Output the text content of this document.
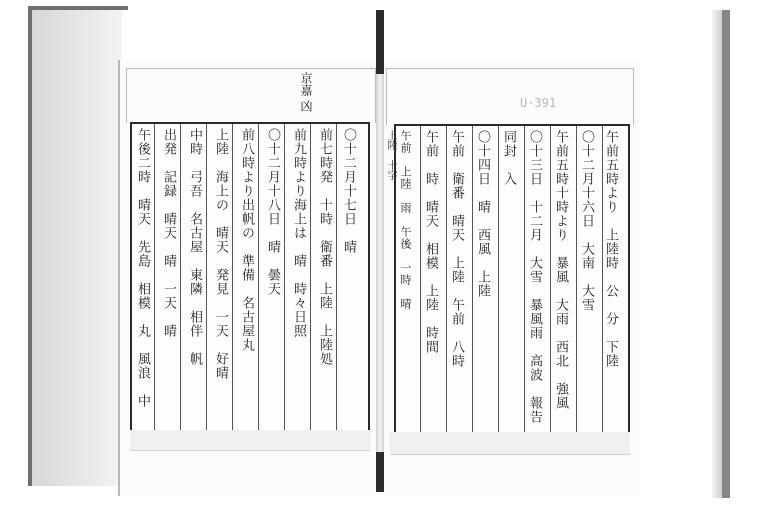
U·391
京嘉 凶
〇十二月十七日　晴
前七時発　十時　衛番　上陸　上陸処
前九時より海上は　晴　時々日照
〇十二月十八日　晴　曇天
前八時より出帆の　準備　名古屋丸
上陸　海上の　晴天　発見　一天　好晴
中時　弓吾　名古屋　東隣　相伴　帆
出発　記録　晴天　晴　一天　晴
午後二時　晴天　先島　相模　丸　風浪　中	上陸　十字	午前五時より　上陸時　公　分　下陸
〇十二月十六日　大南　大雪
午前五時十時より　暴風　大雨　西北　強風
〇十三日　十二月　大雪　暴風雨　高波　報告
同封　入
〇十四日　晴　西風　上陸
午前　衛番　晴天　上陸　午前　八時
午前　時　晴天　相模　上陸　時間
午前　上陸　雨　午後　一時　晴
